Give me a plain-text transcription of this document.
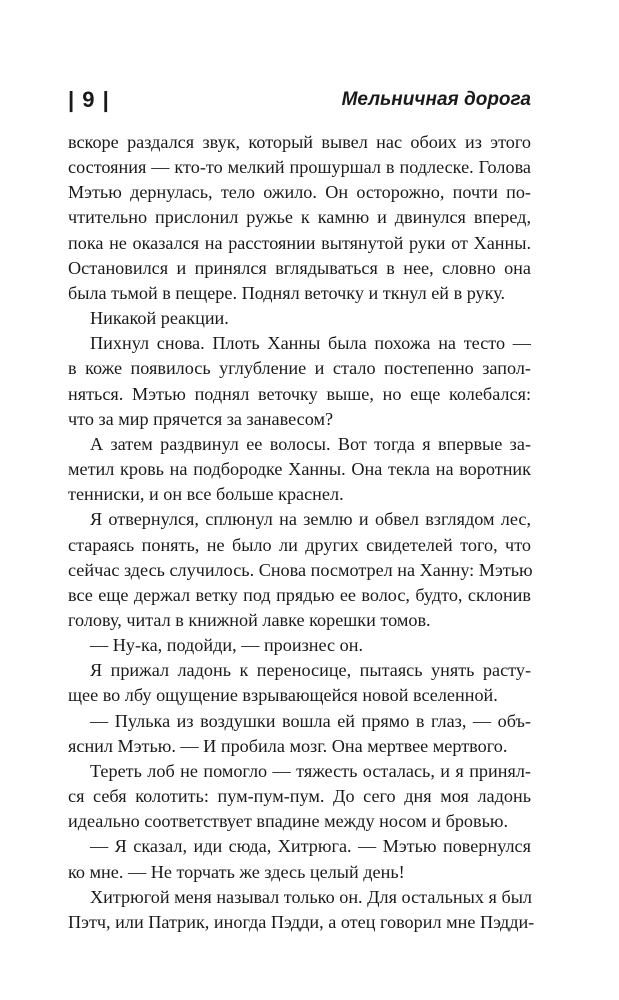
| 9 |	Мельничная дорога
вскоре раздался звук, который вывел нас обоих из этого
состояния — кто-то мелкий прошуршал в подлеске. Голова
Мэтью дернулась, тело ожило. Он осторожно, почти по-
чтительно прислонил ружье к камню и двинулся вперед,
пока не оказался на расстоянии вытянутой руки от Ханны.
Остановился и принялся вглядываться в нее, словно она
была тьмой в пещере. Поднял веточку и ткнул ей в руку.
Никакой реакции.
Пихнул снова. Плоть Ханны была похожа на тесто —
в коже появилось углубление и стало постепенно запол-
няться. Мэтью поднял веточку выше, но еще колебался:
что за мир прячется за занавесом?
А затем раздвинул ее волосы. Вот тогда я впервые за-
метил кровь на подбородке Ханны. Она текла на воротник
тенниски, и он все больше краснел.
Я отвернулся, сплюнул на землю и обвел взглядом лес,
стараясь понять, не было ли других свидетелей того, что
сейчас здесь случилось. Снова посмотрел на Ханну: Мэтью
все еще держал ветку под прядью ее волос, будто, склонив
голову, читал в книжной лавке корешки томов.
— Ну-ка, подойди, — произнес он.
Я прижал ладонь к переносице, пытаясь унять расту-
щее во лбу ощущение взрывающейся новой вселенной.
— Пулька из воздушки вошла ей прямо в глаз, — объ-
яснил Мэтью. — И пробила мозг. Она мертвее мертвого.
Тереть лоб не помогло — тяжесть осталась, и я принял-
ся себя колотить: пум-пум-пум. До сего дня моя ладонь
идеально соответствует впадине между носом и бровью.
— Я сказал, иди сюда, Хитрюга. — Мэтью повернулся
ко мне. — Не торчать же здесь целый день!
Хитрюгой меня называл только он. Для остальных я был
Пэтч, или Патрик, иногда Пэдди, а отец говорил мне Пэдди-
